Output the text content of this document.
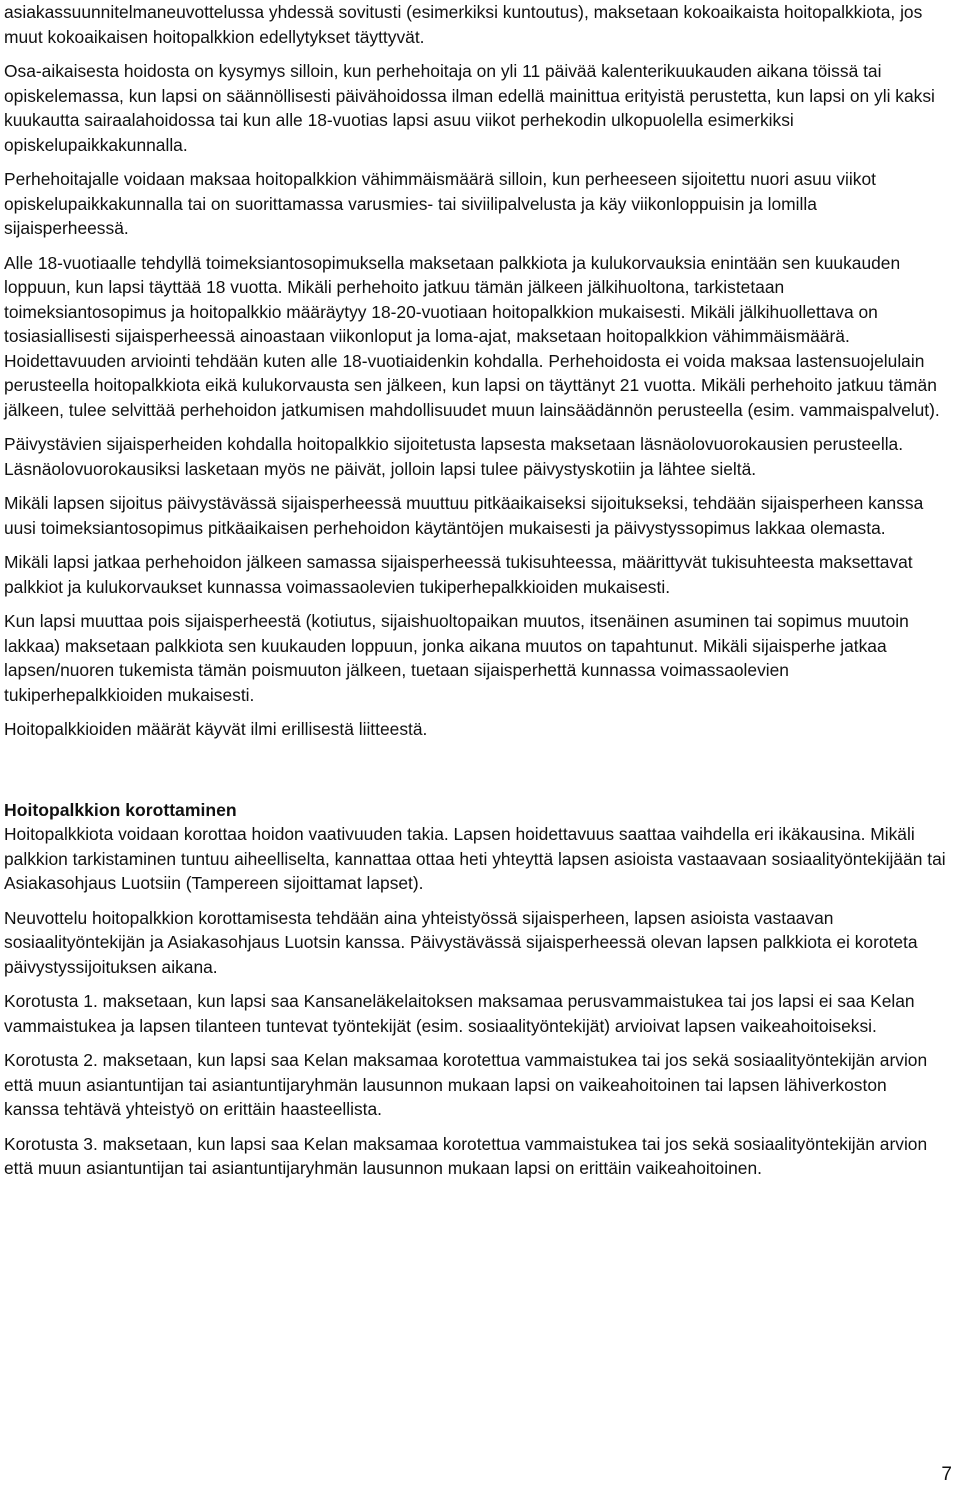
asiakassuunnitelmaneuvottelussa yhdessä sovitusti (esimerkiksi kuntoutus), maksetaan kokoaikaista hoitopalkkiota, jos muut kokoaikaisen hoitopalkkion edellytykset täyttyvät.

Osa-aikaisesta hoidosta on kysymys silloin, kun perhehoitaja on yli 11 päivää kalenterikuukauden aikana töissä tai opiskelemassa, kun lapsi on säännöllisesti päivähoidossa ilman edellä mainittua erityistä perustetta, kun lapsi on yli kaksi kuukautta sairaalahoidossa tai kun alle 18-vuotias lapsi asuu viikot perhekodin ulkopuolella esimerkiksi opiskelupaikkakunnalla.

Perhehoitajalle voidaan maksaa hoitopalkkion vähimmäismäärä silloin, kun perheeseen sijoitettu nuori asuu viikot opiskelupaikkakunnalla tai on suorittamassa varusmies- tai siviilipalvelusta ja käy viikonloppuisin ja lomilla sijaisperheessä.

Alle 18-vuotiaalle tehdyllä toimeksiantosopimuksella maksetaan palkkiota ja kulukorvauksia enintään sen kuukauden loppuun, kun lapsi täyttää 18 vuotta. Mikäli perhehoito jatkuu tämän jälkeen jälkihuoltona, tarkistetaan toimeksiantosopimus ja hoitopalkkio määräytyy 18-20-vuotiaan hoitopalkkion mukaisesti. Mikäli jälkihuollettava on tosiasiallisesti sijaisperheessä ainoastaan viikonloput ja loma-ajat, maksetaan hoitopalkkion vähimmäismäärä. Hoidettavuuden arviointi tehdään kuten alle 18-vuotiaidenkin kohdalla. Perhehoidosta ei voida maksaa lastensuojelulain perusteella hoitopalkkiota eikä kulukorvausta sen jälkeen, kun lapsi on täyttänyt 21 vuotta. Mikäli perhehoito jatkuu tämän jälkeen, tulee selvittää perhehoidon jatkumisen mahdollisuudet muun lainsäädännön perusteella (esim. vammaispalvelut).

Päivystävien sijaisperheiden kohdalla hoitopalkkio sijoitetusta lapsesta maksetaan läsnäolovuorokausien perusteella. Läsnäolovuorokausiksi lasketaan myös ne päivät, jolloin lapsi tulee päivystyskotiin ja lähtee sieltä.

Mikäli lapsen sijoitus päivystävässä sijaisperheessä muuttuu pitkäaikaiseksi sijoitukseksi, tehdään sijaisperheen kanssa uusi toimeksiantosopimus pitkäaikaisen perhehoidon käytäntöjen mukaisesti ja päivystyssopimus lakkaa olemasta.

Mikäli lapsi jatkaa perhehoidon jälkeen samassa sijaisperheessä tukisuhteessa, määrittyvät tukisuhteesta maksettavat palkkiot ja kulukorvaukset kunnassa voimassaolevien tukiperhepalkkioiden mukaisesti.

Kun lapsi muuttaa pois sijaisperheestä (kotiutus, sijaishuoltopaikan muutos, itsenäinen asuminen tai sopimus muutoin lakkaa) maksetaan palkkiota sen kuukauden loppuun, jonka aikana muutos on tapahtunut. Mikäli sijaisperhe jatkaa lapsen/nuoren tukemista tämän poismuuton jälkeen, tuetaan sijaisperhettä kunnassa voimassaolevien tukiperhepalkkioiden mukaisesti.

Hoitopalkkioiden määrät käyvät ilmi erillisestä liitteestä.

Hoitopalkkion korottaminen

Hoitopalkkiota voidaan korottaa hoidon vaativuuden takia. Lapsen hoidettavuus saattaa vaihdella eri ikäkausina. Mikäli palkkion tarkistaminen tuntuu aiheelliselta, kannattaa ottaa heti yhteyttä lapsen asioista vastaavaan sosiaalityöntekijään tai Asiakasohjaus Luotsiin (Tampereen sijoittamat lapset).

Neuvottelu hoitopalkkion korottamisesta tehdään aina yhteistyössä sijaisperheen, lapsen asioista vastaavan sosiaalityöntekijän ja Asiakasohjaus Luotsin kanssa. Päivystävässä sijaisperheessä olevan lapsen palkkiota ei koroteta päivystyssijoituksen aikana.

Korotusta 1. maksetaan, kun lapsi saa Kansaneläkelaitoksen maksamaa perusvammaistukea tai jos lapsi ei saa Kelan vammaistukea ja lapsen tilanteen tuntevat työntekijät (esim. sosiaalityöntekijät) arvioivat lapsen vaikeahoitoiseksi.

Korotusta 2. maksetaan, kun lapsi saa Kelan maksamaa korotettua vammaistukea tai jos sekä sosiaalityöntekijän arvion että muun asiantuntijan tai asiantuntijaryhmän lausunnon mukaan lapsi on vaikeahoitoinen tai lapsen lähiverkoston kanssa tehtävä yhteistyö on erittäin haasteellista.

Korotusta 3. maksetaan, kun lapsi saa Kelan maksamaa korotettua vammaistukea tai jos sekä sosiaalityöntekijän arvion että muun asiantuntijan tai asiantuntijaryhmän lausunnon mukaan lapsi on erittäin vaikeahoitoinen.

7
